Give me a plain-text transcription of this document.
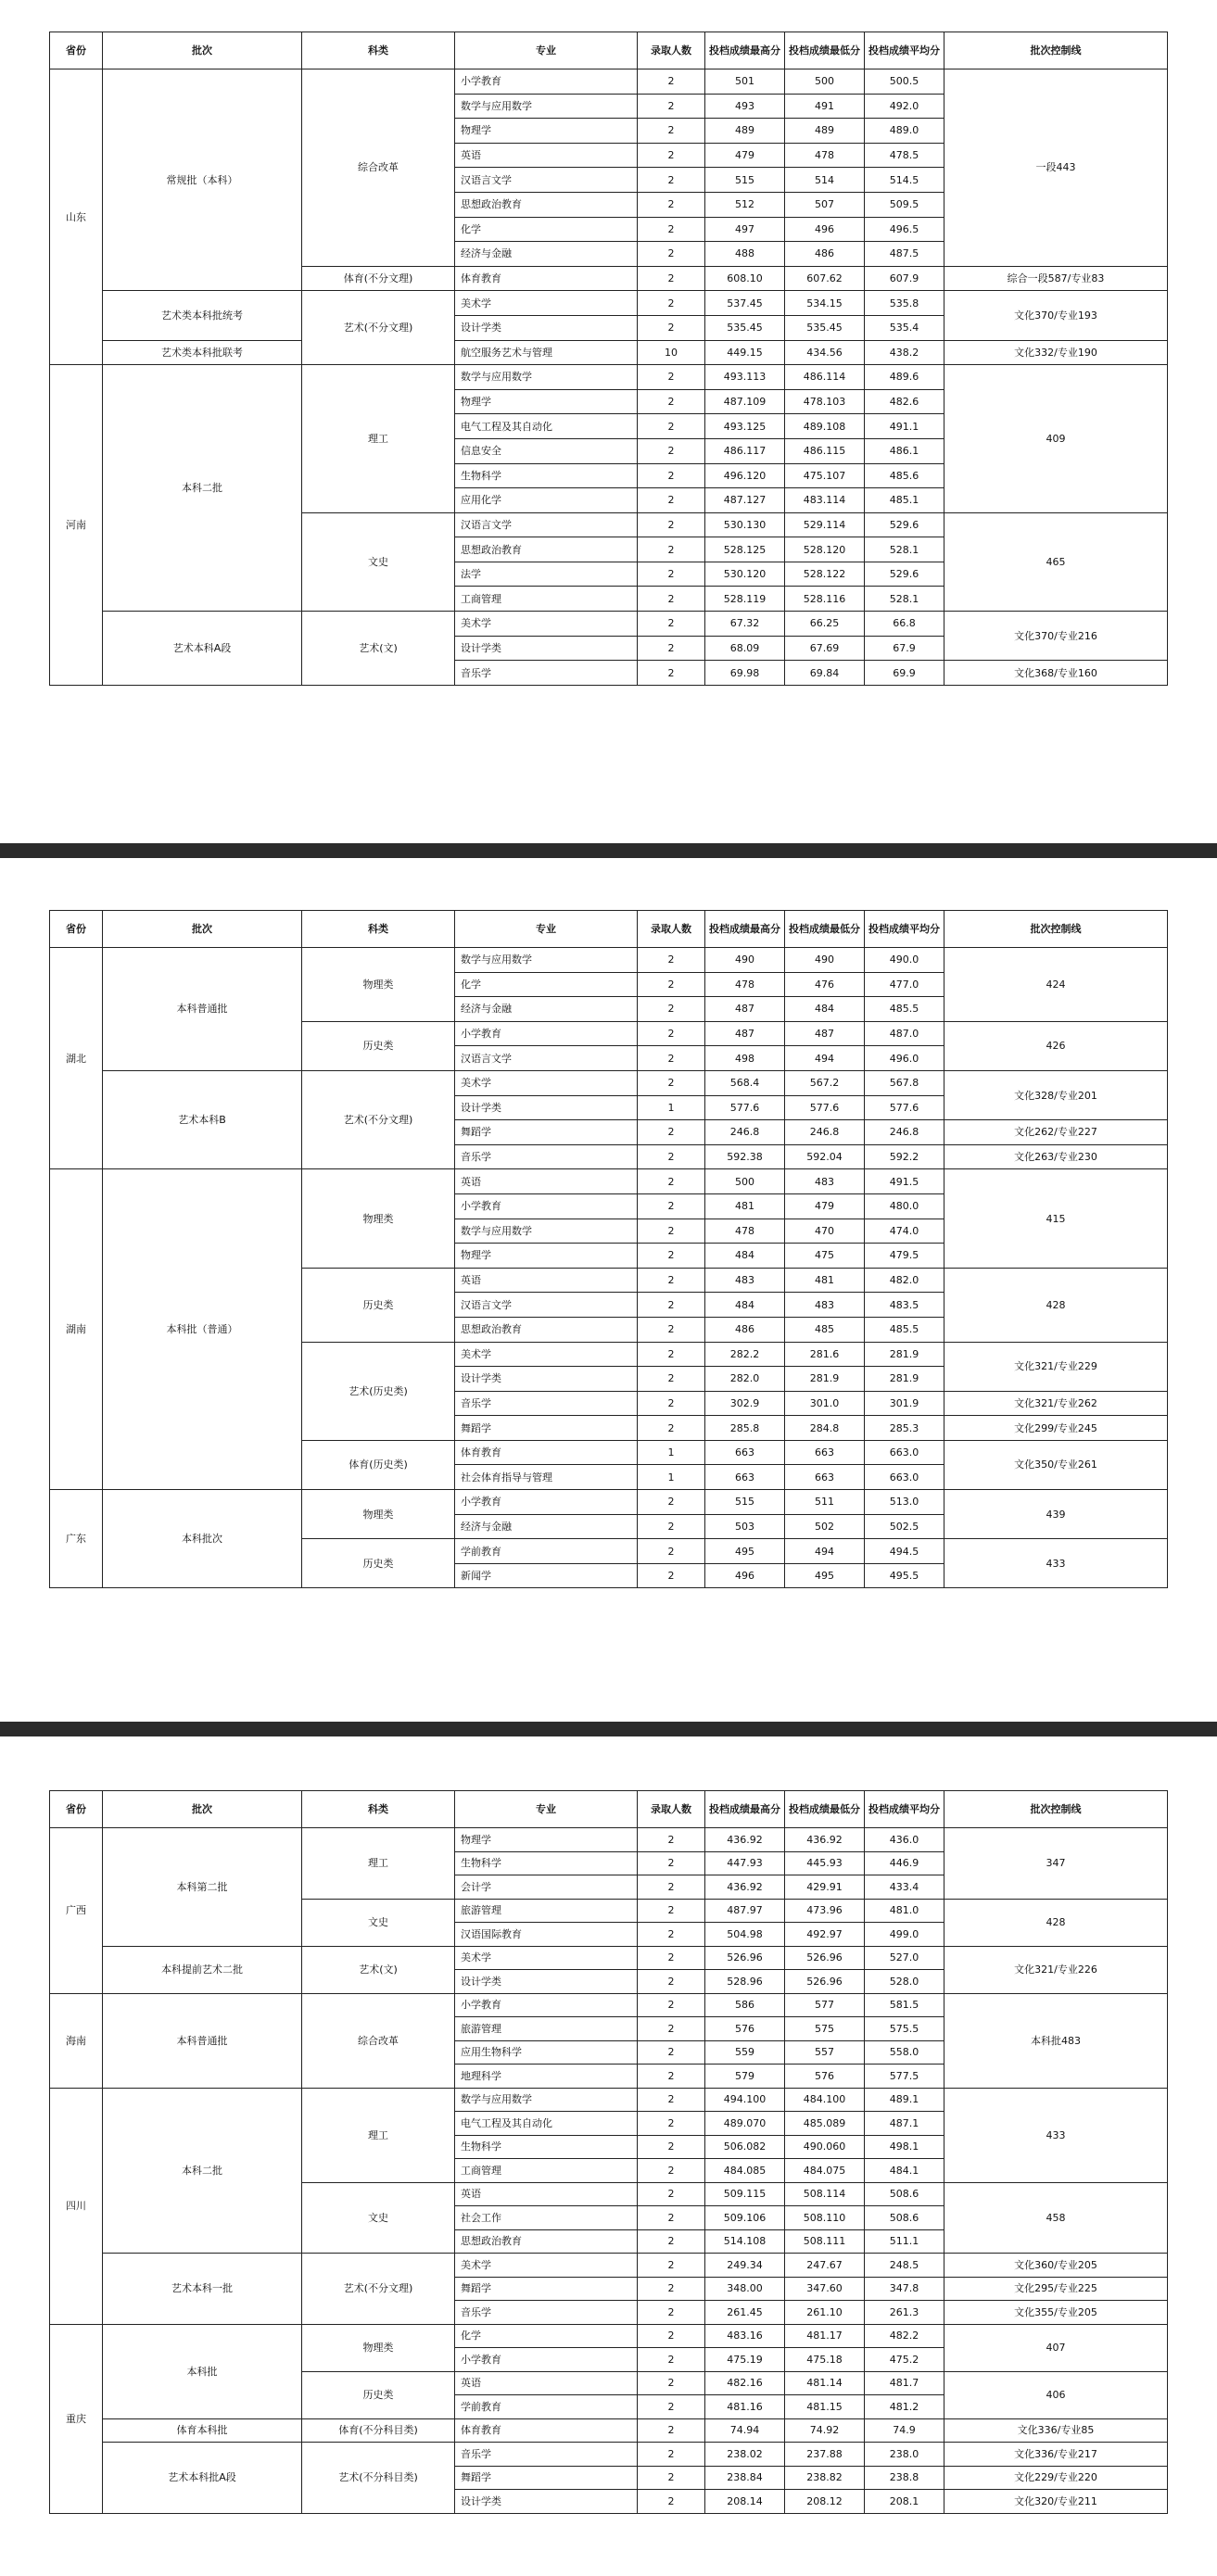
省份	批次	科类	专业	录取人数	投档成绩最高分	投档成绩最低分	投档成绩平均分	批次控制线
山东	常规批（本科）	综合改革	小学教育	2	501	500	500.5	一段443
			数学与应用数学	2	493	491	492.0	
			物理学	2	489	489	489.0	
			英语	2	479	478	478.5	
			汉语言文学	2	515	514	514.5	
			思想政治教育	2	512	507	509.5	
			化学	2	497	496	496.5	
			经济与金融	2	488	486	487.5	
		体育(不分文理)	体育教育	2	608.10	607.62	607.9	综合一段587/专业83
	艺术类本科批统考	艺术(不分文理)	美术学	2	537.45	534.15	535.8	文化370/专业193
			设计学类	2	535.45	535.45	535.4	
	艺术类本科批联考		航空服务艺术与管理	10	449.15	434.56	438.2	文化332/专业190
河南	本科二批	理工	数学与应用数学	2	493.113	486.114	489.6	409
			物理学	2	487.109	478.103	482.6	
			电气工程及其自动化	2	493.125	489.108	491.1	
			信息安全	2	486.117	486.115	486.1	
			生物科学	2	496.120	475.107	485.6	
			应用化学	2	487.127	483.114	485.1	
		文史	汉语言文学	2	530.130	529.114	529.6	465
			思想政治教育	2	528.125	528.120	528.1	
			法学	2	530.120	528.122	529.6	
			工商管理	2	528.119	528.116	528.1	
	艺术本科A段	艺术(文)	美术学	2	67.32	66.25	66.8	文化370/专业216
			设计学类	2	68.09	67.69	67.9	
			音乐学	2	69.98	69.84	69.9	文化368/专业160
省份	批次	科类	专业	录取人数	投档成绩最高分	投档成绩最低分	投档成绩平均分	批次控制线
湖北	本科普通批	物理类	数学与应用数学	2	490	490	490.0	424
			化学	2	478	476	477.0	
			经济与金融	2	487	484	485.5	
		历史类	小学教育	2	487	487	487.0	426
			汉语言文学	2	498	494	496.0	
	艺术本科B	艺术(不分文理)	美术学	2	568.4	567.2	567.8	文化328/专业201
			设计学类	1	577.6	577.6	577.6	
			舞蹈学	2	246.8	246.8	246.8	文化262/专业227
			音乐学	2	592.38	592.04	592.2	文化263/专业230
湖南	本科批（普通）	物理类	英语	2	500	483	491.5	415
			小学教育	2	481	479	480.0	
			数学与应用数学	2	478	470	474.0	
			物理学	2	484	475	479.5	
		历史类	英语	2	483	481	482.0	428
			汉语言文学	2	484	483	483.5	
			思想政治教育	2	486	485	485.5	
		艺术(历史类)	美术学	2	282.2	281.6	281.9	文化321/专业229
			设计学类	2	282.0	281.9	281.9	
			音乐学	2	302.9	301.0	301.9	文化321/专业262
			舞蹈学	2	285.8	284.8	285.3	文化299/专业245
		体育(历史类)	体育教育	1	663	663	663.0	文化350/专业261
			社会体育指导与管理	1	663	663	663.0	
广东	本科批次	物理类	小学教育	2	515	511	513.0	439
			经济与金融	2	503	502	502.5	
		历史类	学前教育	2	495	494	494.5	433
			新闻学	2	496	495	495.5	
省份	批次	科类	专业	录取人数	投档成绩最高分	投档成绩最低分	投档成绩平均分	批次控制线
广西	本科第二批	理工	物理学	2	436.92	436.92	436.0	347
			生物科学	2	447.93	445.93	446.9	
			会计学	2	436.92	429.91	433.4	
		文史	旅游管理	2	487.97	473.96	481.0	428
			汉语国际教育	2	504.98	492.97	499.0	
	本科提前艺术二批	艺术(文)	美术学	2	526.96	526.96	527.0	文化321/专业226
			设计学类	2	528.96	526.96	528.0	
海南	本科普通批	综合改革	小学教育	2	586	577	581.5	本科批483
			旅游管理	2	576	575	575.5	
			应用生物科学	2	559	557	558.0	
			地理科学	2	579	576	577.5	
四川	本科二批	理工	数学与应用数学	2	494.100	484.100	489.1	433
			电气工程及其自动化	2	489.070	485.089	487.1	
			生物科学	2	506.082	490.060	498.1	
			工商管理	2	484.085	484.075	484.1	
		文史	英语	2	509.115	508.114	508.6	458
			社会工作	2	509.106	508.110	508.6	
			思想政治教育	2	514.108	508.111	511.1	
	艺术本科一批	艺术(不分文理)	美术学	2	249.34	247.67	248.5	文化360/专业205
			舞蹈学	2	348.00	347.60	347.8	文化295/专业225
			音乐学	2	261.45	261.10	261.3	文化355/专业205
重庆	本科批	物理类	化学	2	483.16	481.17	482.2	407
			小学教育	2	475.19	475.18	475.2	
		历史类	英语	2	482.16	481.14	481.7	406
			学前教育	2	481.16	481.15	481.2	
	体育本科批	体育(不分科目类)	体育教育	2	74.94	74.92	74.9	文化336/专业85
	艺术本科批A段	艺术(不分科目类)	音乐学	2	238.02	237.88	238.0	文化336/专业217
			舞蹈学	2	238.84	238.82	238.8	文化229/专业220
			设计学类	2	208.14	208.12	208.1	文化320/专业211
